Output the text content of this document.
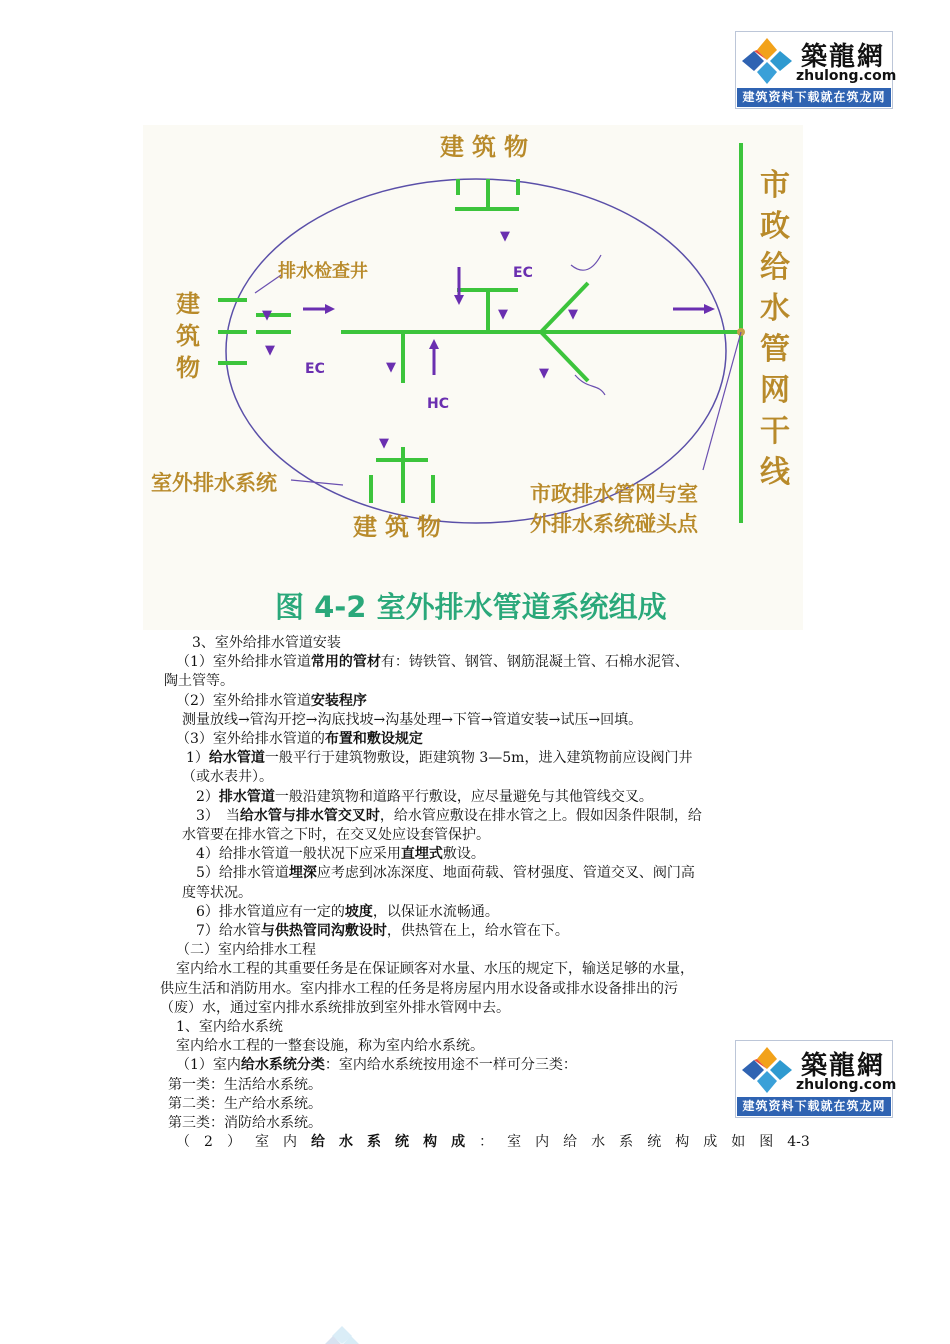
築龍網
zhulong.com
建筑资料下载就在筑龙网
▼
▼	▼
▼
▼
▼
▼
▼
建筑物
EC
EC
HC
排水检查井
室外排水系统	市政排水管网与室
外排水系统碰头点
建筑物
图 4-2 室外排水管道系统组成
建
筑
物
市
政
给
水
管
网
干
线

3、室外给排水管道安装

（1）室外给排水管道常用的管材有：铸铁管、钢管、钢筋混凝土管、石棉水泥管、

陶土管等。

（2）室外给排水管道安装程序

测量放线→管沟开挖→沟底找坡→沟基处理→下管→管道安装→试压→回填。

（3）室外给排水管道的布置和敷设规定

1）给水管道一般平行于建筑物敷设，距建筑物 3—5m，进入建筑物前应设阀门井

（或水表井）。

2）排水管道一般沿建筑物和道路平行敷设，应尽量避免与其他管线交叉。

3）　当给水管与排水管交叉时，给水管应敷设在排水管之上。假如因条件限制，给

水管要在排水管之下时，在交叉处应设套管保护。

4）给排水管道一般状况下应采用直埋式敷设。

5）给排水管道埋深应考虑到冰冻深度、地面荷载、管材强度、管道交叉、阀门高

度等状况。

6）排水管道应有一定的坡度，以保证水流畅通。

7）给水管与供热管同沟敷设时，供热管在上，给水管在下。

（二）室内给排水工程

室内给水工程的其重要任务是在保证顾客对水量、水压的规定下，输送足够的水量，

供应生活和消防用水。室内排水工程的任务是将房屋内用水设备或排水设备排出的污

（废）水，通过室内排水系统排放到室外排水管网中去。

1、室内给水系统

室内给水工程的一整套设施，称为室内给水系统。

（1）室内给水系统分类：室内给水系统按用途不一样可分三类：

第一类：生活给水系统。

第二类：生产给水系统。

第三类：消防给水系统。

（ 2 ） 室 内 给 水 系 统 构 成 ： 室 内 给 水 系 统 构 成 如 图 4-3

築龍網
zhulong.com
建筑资料下载就在筑龙网
